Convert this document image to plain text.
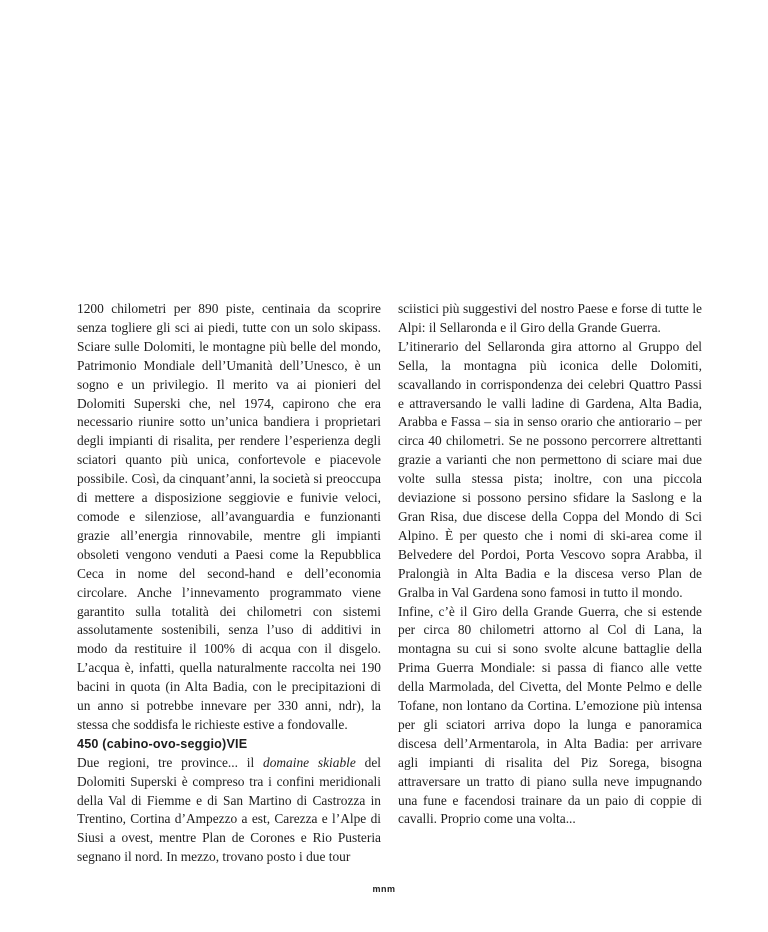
1200 chilometri per 890 piste, centinaia da scoprire senza togliere gli sci ai piedi, tutte con un solo skipass. Sciare sulle Dolomiti, le montagne più belle del mondo, Patrimonio Mondiale dell’Umanità dell’Unesco, è un sogno e un privilegio. Il merito va ai pionieri del Dolomiti Superski che, nel 1974, capirono che era necessario riunire sotto un’unica bandiera i proprietari degli impianti di risalita, per rendere l’esperienza degli sciatori quanto più unica, confortevole e piacevole possibile. Così, da cinquant’anni, la società si preoccupa di mettere a disposizione seggiovie e funivie veloci, comode e silenziose, all’avanguardia e funzionanti grazie all’energia rinnovabile, mentre gli impianti obsoleti vengono venduti a Paesi come la Repubblica Ceca in nome del second-hand e dell’economia circolare. Anche l’innevamento programmato viene garantito sulla totalità dei chilometri con sistemi assolutamente sostenibili, senza l’uso di additivi in modo da restituire il 100% di acqua con il disgelo. L’acqua è, infatti, quella naturalmente raccolta nei 190 bacini in quota (in Alta Badia, con le precipitazioni di un anno si potrebbe innevare per 330 anni, ndr), la stessa che soddisfa le richieste estive a fondovalle.

450 (cabino-ovo-seggio)VIE

Due regioni, tre province... il domaine skiable del Dolomiti Superski è compreso tra i confini meridionali della Val di Fiemme e di San Martino di Castrozza in Trentino, Cortina d’Ampezzo a est, Carezza e l’Alpe di Siusi a ovest, mentre Plan de Corones e Rio Pusteria segnano il nord. In mezzo, trovano posto i due tour

sciistici più suggestivi del nostro Paese e forse di tutte le Alpi: il Sellaronda e il Giro della Grande Guerra.

L’itinerario del Sellaronda gira attorno al Gruppo del Sella, la montagna più iconica delle Dolomiti, scavallando in corrispondenza dei celebri Quattro Passi e attraversando le valli ladine di Gardena, Alta Badia, Arabba e Fassa – sia in senso orario che antiorario – per circa 40 chilometri. Se ne possono percorrere altrettanti grazie a varianti che non permettono di sciare mai due volte sulla stessa pista; inoltre, con una piccola deviazione si possono persino sfidare la Saslong e la Gran Risa, due discese della Coppa del Mondo di Sci Alpino. È per questo che i nomi di ski-area come il Belvedere del Pordoi, Porta Vescovo sopra Arabba, il Pralongià in Alta Badia e la discesa verso Plan de Gralba in Val Gardena sono famosi in tutto il mondo.

Infine, c’è il Giro della Grande Guerra, che si estende per circa 80 chilometri attorno al Col di Lana, la montagna su cui si sono svolte alcune battaglie della Prima Guerra Mondiale: si passa di fianco alle vette della Marmolada, del Civetta, del Monte Pelmo e delle Tofane, non lontano da Cortina. L’emozione più intensa per gli sciatori arriva dopo la lunga e panoramica discesa dell’Armentarola, in Alta Badia: per arrivare agli impianti di risalita del Piz Sorega, bisogna attraversare un tratto di piano sulla neve impugnando una fune e facendosi trainare da un paio di coppie di cavalli. Proprio come una volta...

mnm
